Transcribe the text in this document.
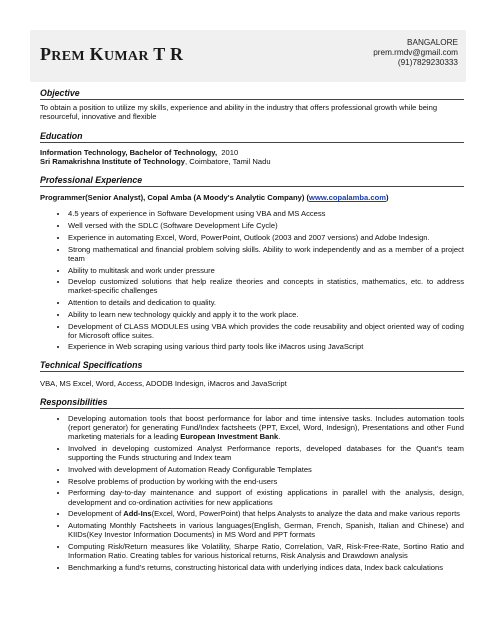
PREM KUMAR T R
BANGALORE
prem.rmdv@gmail.com
(91)7829230333
Objective

To obtain a position to utilize my skills, experience and ability in the industry that offers professional growth while being resourceful, innovative and flexible

Education

Information Technology, Bachelor of Technology, 2010

Sri Ramakrishna Institute of Technology, Coimbatore, Tamil Nadu

Professional Experience

Programmer(Senior Analyst), Copal Amba (A Moody's Analytic Company) (www.copalamba.com)

• 4.5 years of experience in Software Development using VBA and MS Access
• Well versed with the SDLC (Software Development Life Cycle)
• Experience in automating Excel, Word, PowerPoint, Outlook (2003 and 2007 versions) and Adobe Indesign.
• Strong mathematical and financial problem solving skills. Ability to work independently and as a member of a project team
• Ability to multitask and work under pressure
• Develop customized solutions that help realize theories and concepts in statistics, mathematics, etc. to address market-specific challenges
• Attention to details and dedication to quality.
• Ability to learn new technology quickly and apply it to the work place.
• Development of CLASS MODULES using VBA which provides the code reusability and object oriented way of coding for Microsoft office suites.
• Experience in Web scraping using various third party tools like iMacros using JavaScript
Technical Specifications

VBA, MS Excel, Word, Access, ADODB Indesign, iMacros and JavaScript

Responsibilities
• Developing automation tools that boost performance for labor and time intensive tasks. Includes automation tools (report generator) for generating Fund/Index factsheets (PPT, Excel, Word, Indesign), Presentations and other Fund marketing materials for a leading European Investment Bank.
• Involved in developing customized Analyst Performance reports, developed databases for the Quant's team supporting the Funds structuring and Index team
• Involved with development of Automation Ready Configurable Templates
• Resolve problems of production by working with the end-users
• Performing day-to-day maintenance and support of existing applications in parallel with the analysis, design, development and co-ordination activities for new applications
• Development of Add-Ins(Excel, Word, PowerPoint) that helps Analysts to analyze the data and make various reports
• Automating Monthly Factsheets in various languages(English, German, French, Spanish, Italian and Chinese) and KIIDs(Key Investor Information Documents) in MS Word and PPT formats
• Computing Risk/Return measures like Volatility, Sharpe Ratio, Correlation, VaR, Risk-Free-Rate, Sortino Ratio and Information Ratio. Creating tables for various historical returns, Risk Analysis and Drawdown analysis
• Benchmarking a fund's returns, constructing historical data with underlying indices data, Index back calculations
